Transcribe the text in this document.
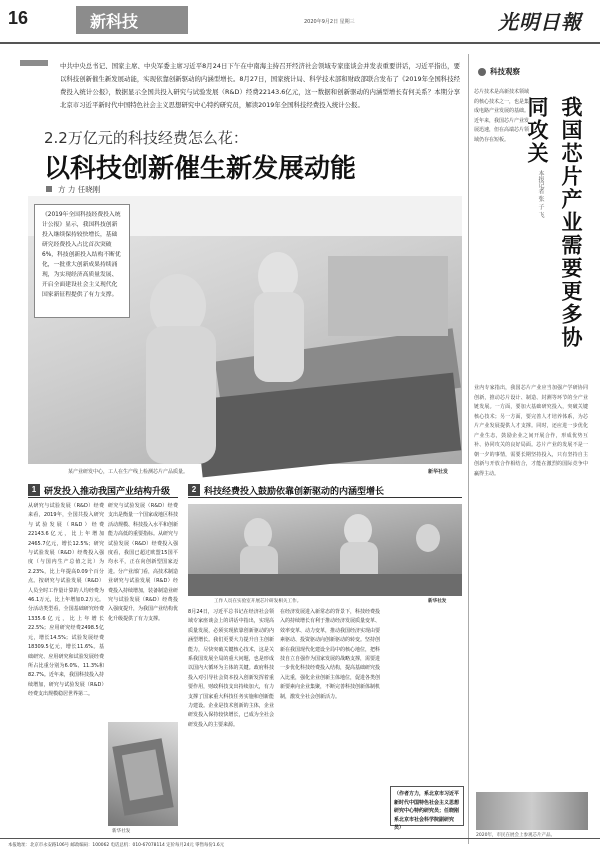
16	新科技	2020年9月2日 星期三	光明日報
中共中央总书记、国家主席、中央军委主席习近平8月24日下午在中南海主持召开经济社会领域专家座谈会并发表重要讲话，习近平指出，要以科技创新催生新发展动能，实现依靠创新驱动的内涵型增长。8月27日，国家统计局、科学技术部和财政部联合发布了《2019年全国科技经费投入统计公报》，数据显示全国共投入研究与试验发展（R&D）经费22143.6亿元，这一数据和创新驱动的内涵型增长有何关系？本期分享北京市习近平新时代中国特色社会主义思想研究中心特约研究员，解读2019年全国科技经费投入统计公报。
2.2万亿元的科技经费怎么花：
以科技创新催生新发展动能
方 力 任晓刚
《2019年全国科技经费投入统计公报》显示，我国科技创新投入继续保持较快增长，基础研究经费投入占比首次突破6%，科技创新投入结构不断优化，一批重大创新成果持续涌现，为实现经济高质量发展、开启全面建设社会主义现代化国家新征程提供了有力支撑。
某产业研发中心，工人在生产线上检测芯片产品质量。	新华社发
1 研发投入推动我国产业结构升级	2 科技经费投入鼓励依靠创新驱动的内涵型增长
从研究与试验发展（R&D）经费来看，2019年，全国共投入研究与试验发展（R&D）经费22143.6亿元，比上年增加2465.7亿元，增长12.5%；研究与试验发展（R&D）经费投入强度（与国内生产总值之比）为2.23%，比上年提高0.09个百分点。按研究与试验发展（R&D）人员全时工作量计算的人均经费为46.1万元，比上年增加0.2万元。分活动类型看，全国基础研究经费1335.6亿元，比上年增长22.5%；应用研究经费2498.5亿元，增长14.5%；试验发展经费18309.5亿元，增长11.6%。基础研究、应用研究和试验发展经费所占比重分别为6.0%、11.3%和82.7%。近年来，我国科技投入持续增加，研究与试验发展（R&D）经费支出规模稳居世界第二。
研究与试验发展（R&D）经费支出是衡量一个国家或地区科技活动规模、科技投入水平和创新能力高低的重要指标。从研究与试验发展（R&D）经费投入强度看，我国已超过欧盟15国平均水平，正在向创新型国家迈进。分产业部门看，高技术制造业研究与试验发展（R&D）经费投入持续增加，装备制造业研究与试验发展（R&D）经费投入强度提升，为我国产业结构优化升级提供了有力支撑。
新华社发
工作人员在实验室开展芯片研发相关工作。	新华社发
8月24日，习近平总书记在经济社会领域专家座谈会上的讲话中指出，实现高质量发展，必须实现依靠创新驱动的内涵型增长。我们更要大力提升自主创新能力，尽快突破关键核心技术，这是关系我国发展全局的重大问题，也是形成以国内大循环为主体的关键。政府科技投入对引导社会资本投入创新发挥着重要作用，财政科技支出持续加大，有力支撑了国家重大科技任务实施和创新能力建设。企业是技术创新的主体，企业研发投入保持较快增长，已成为全社会研发投入的主要来源。
在经济发展进入新常态的背景下，科技经费投入的持续增长有利于推动经济发展质量变革、效率变革、动力变革，推动我国经济实现由要素驱动、投资驱动向创新驱动的转变。坚持创新在我国现代化建设全局中的核心地位，把科技自立自强作为国家发展的战略支撑，需要进一步优化科技经费投入结构，提高基础研究投入比重，强化企业创新主体地位，促进各类创新要素向企业集聚，不断完善科技创新体制机制，激发全社会创新活力。
（作者方力，系北京市习近平新时代中国特色社会主义思想研究中心特约研究员；任晓刚系北京市社会科学院副研究员）
科技观察
芯片技术是高新技术领域的核心技术之一，也是集成电路产业发展的基础。近年来，我国芯片产业发展迅速，但在高端芯片领域仍存在短板。
本报记者 张 子 飞 我国芯片产业需要更多协同攻关
业内专家指出，我国芯片产业应当加强产学研协同创新，推动芯片设计、制造、封测等环节的全产业链发展。一方面，要加大基础研究投入，突破关键核心技术；另一方面，要完善人才培养体系，为芯片产业发展提供人才支撑。同时，还应进一步优化产业生态，鼓励企业之间开展合作，形成优势互补、协同攻关的良好局面。芯片产业的发展不是一朝一夕的事情，需要长期坚持投入，只有坚持自主创新与开放合作相结合，才能在激烈的国际竞争中赢得主动。
2020年，市民在展会上参观芯片产品。
本报地址：北京市永安路106号 邮政编码：100062 电话总机：010-67078114 定价每月24元 零售每份1.6元
